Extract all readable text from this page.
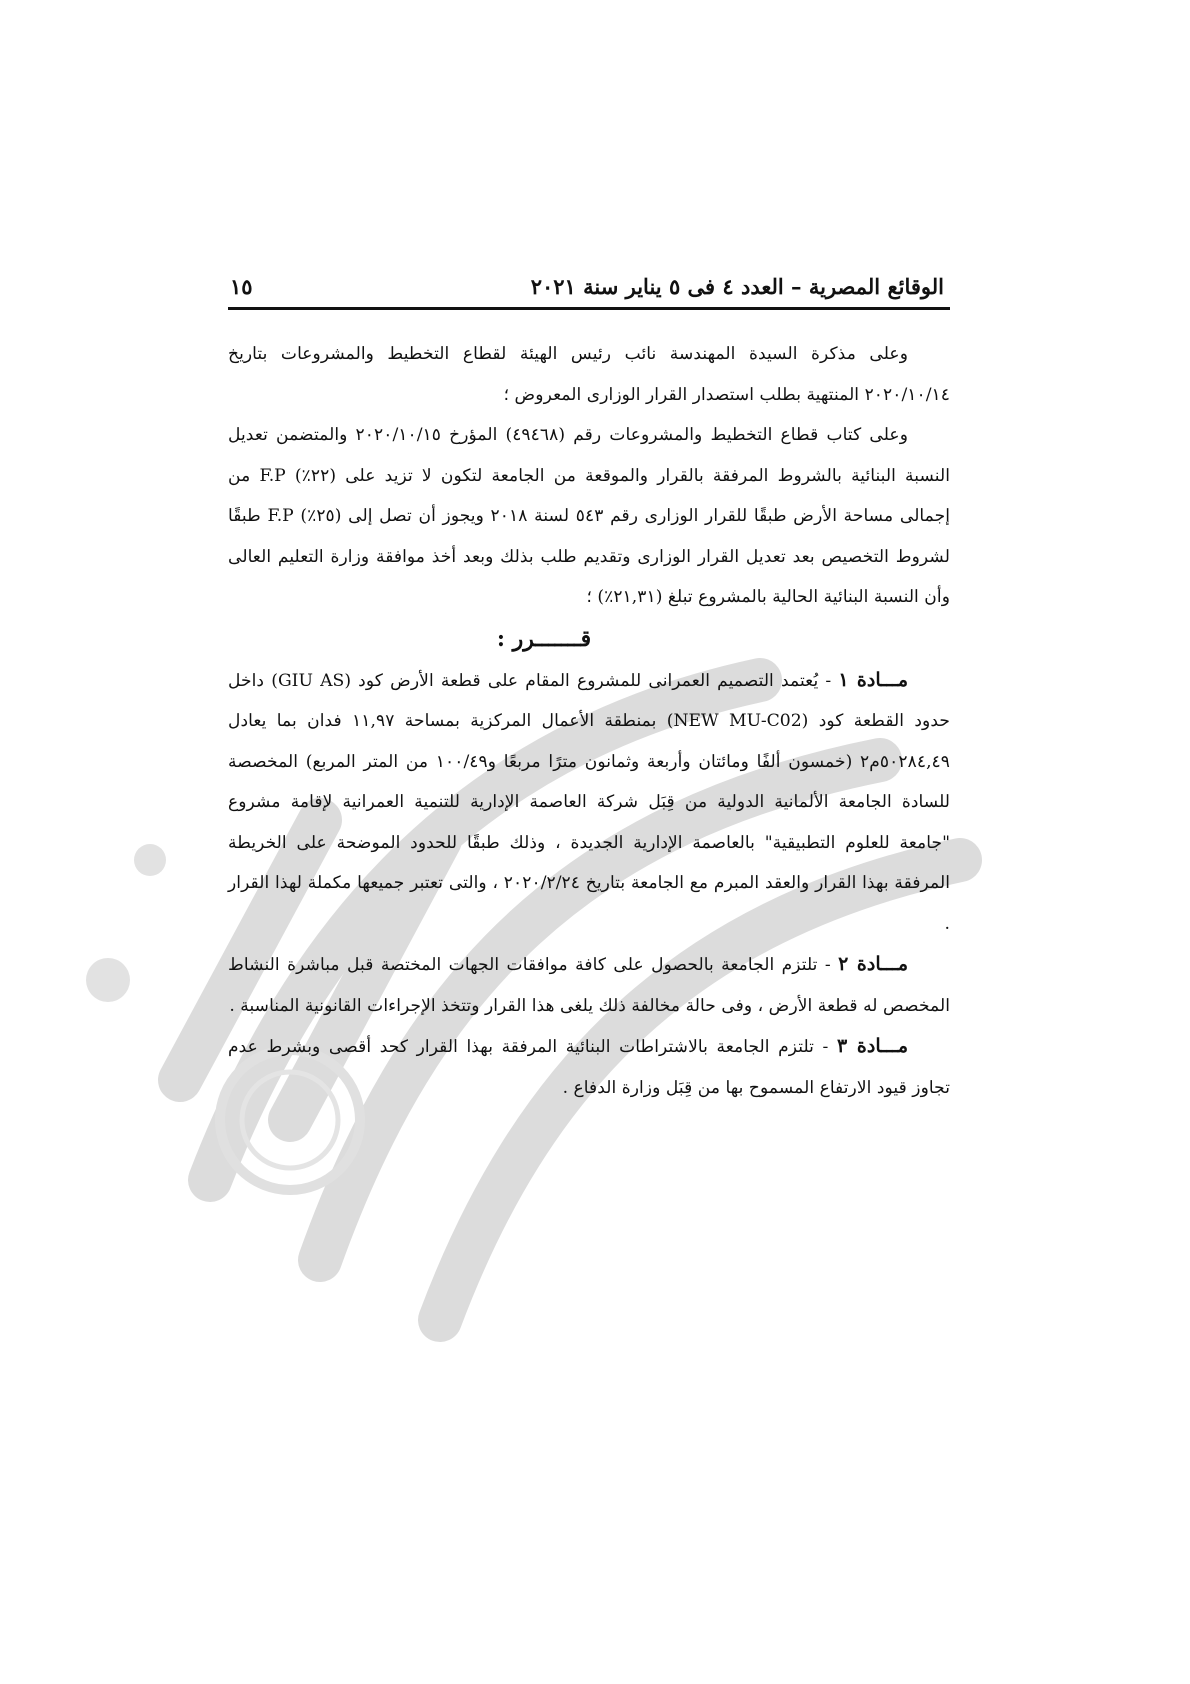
الوقائع المصرية – العدد ٤ فى ٥ يناير سنة ٢٠٢١
١٥

وعلى مذكرة السيدة المهندسة نائب رئيس الهيئة لقطاع التخطيط والمشروعات بتاريخ ٢٠٢٠/١٠/١٤ المنتهية بطلب استصدار القرار الوزارى المعروض ؛

وعلى كتاب قطاع التخطيط والمشروعات رقم (٤٩٤٦٨) المؤرخ ٢٠٢٠/١٠/١٥ والمتضمن تعديل النسبة البنائية بالشروط المرفقة بالقرار والموقعة من الجامعة لتكون لا تزيد على (٢٢٪) F.P من إجمالى مساحة الأرض طبقًا للقرار الوزارى رقم ٥٤٣ لسنة ٢٠١٨ ويجوز أن تصل إلى (٢٥٪) F.P طبقًا لشروط التخصيص بعد تعديل القرار الوزارى وتقديم طلب بذلك وبعد أخذ موافقة وزارة التعليم العالى وأن النسبة البنائية الحالية بالمشروع تبلغ (٢١,٣١٪) ؛

قـــــــرر :

مـــادة ١ - يُعتمد التصميم العمرانى للمشروع المقام على قطعة الأرض كود (GIU AS) داخل حدود القطعة كود (NEW MU-C02) بمنطقة الأعمال المركزية بمساحة ١١,٩٧ فدان بما يعادل ٥٠٢٨٤,٤٩م٢ (خمسون ألفًا ومائتان وأربعة وثمانون مترًا مربعًا و١٠٠/٤٩ من المتر المربع) المخصصة للسادة الجامعة الألمانية الدولية من قِبَل شركة العاصمة الإدارية للتنمية العمرانية لإقامة مشروع "جامعة للعلوم التطبيقية" بالعاصمة الإدارية الجديدة ، وذلك طبقًا للحدود الموضحة على الخريطة المرفقة بهذا القرار والعقد المبرم مع الجامعة بتاريخ ٢٠٢٠/٢/٢٤ ، والتى تعتبر جميعها مكملة لهذا القرار .

مـــادة ٢ - تلتزم الجامعة بالحصول على كافة موافقات الجهات المختصة قبل مباشرة النشاط المخصص له قطعة الأرض ، وفى حالة مخالفة ذلك يلغى هذا القرار وتتخذ الإجراءات القانونية المناسبة .

مـــادة ٣ - تلتزم الجامعة بالاشتراطات البنائية المرفقة بهذا القرار كحد أقصى وبشرط عدم تجاوز قيود الارتفاع المسموح بها من قِبَل وزارة الدفاع .
